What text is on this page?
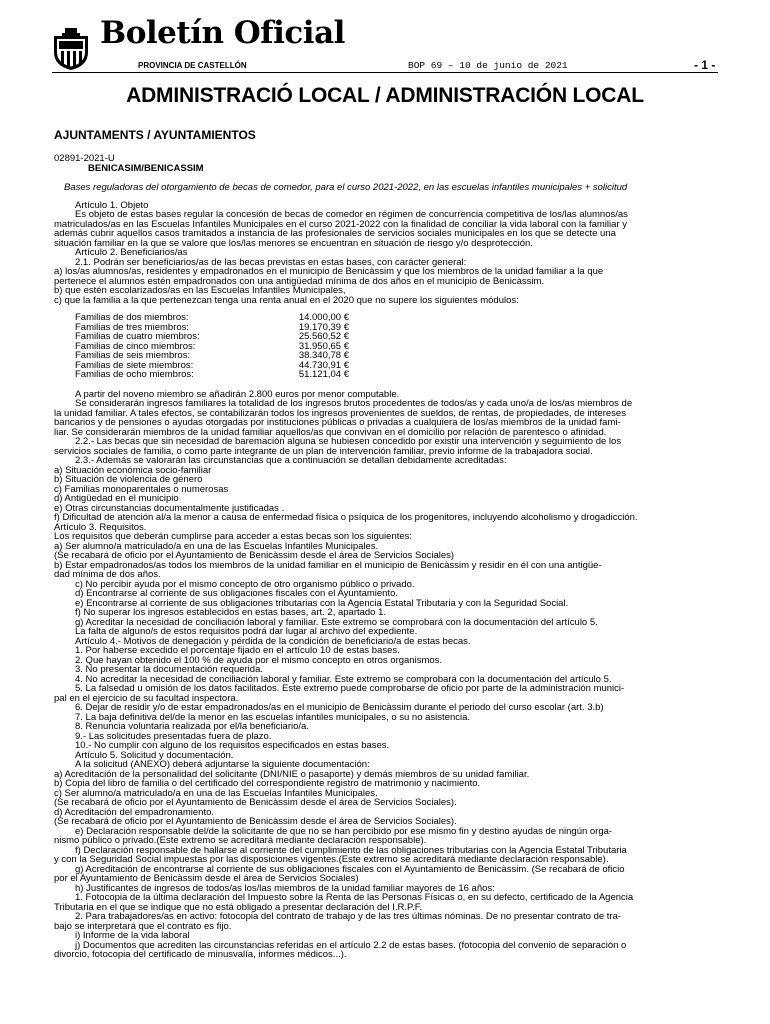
Boletín Oficial
PROVINCIA DE CASTELLÓN	BOP 69 – 10 de junio de 2021	- 1 -
ADMINISTRACIÓ LOCAL / ADMINISTRACIÓN LOCAL
AJUNTAMENTS / AYUNTAMIENTOS
02891-2021-U
BENICASIM/BENICÀSSIM
Bases reguladoras del otorgamiento de becas de comedor, para el curso 2021-2022, en las escuelas infantiles municipales + solicitud
Artículo 1. Objeto
Es objeto de estas bases regular la concesión de becas de comedor en régimen de concurrencia competitiva de los/las alumnos/as
matriculados/as en las Escuelas Infantiles Municipales en el curso 2021-2022 con la finalidad de conciliar la vida laboral con la familiar y
además cubrir aquellos casos tramitados a instancia de las profesionales de servicios sociales municipales en los que se detecte una
situación familiar en la que se valore que los/las menores se encuentran en situación de riesgo y/o desprotección.
Artículo 2. Beneficiarios/as
2.1. Podrán ser beneficiarios/as de las becas previstas en estas bases, con carácter general:
a) los/as alumnos/as, residentes y empadronados en el municipio de Benicàssim y que los miembros de la unidad familiar a la que
pertenece el alumnos estén empadronados con una antigüedad mínima de dos años en el municipio de Benicàssim.
b) que estén escolarizados/as en las Escuelas Infantiles Municipales,
c) que la familia a la que pertenezcan tenga una renta anual en el 2020 que no supere los siguientes módulos:
Familias de dos miembros:	14.000,00 €
Familias de tres miembros:	19.170,39 €
Familias de cuatro miembros:	25.560,52 €
Familias de cinco miembros:	31.950,65 €
Familias de seis miembros:	38.340,78 €
Familias de siete miembros:	44.730,91 €
Familias de ocho miembros:	51.121,04 €
A partir del noveno miembro se añadirán 2.800 euros por menor computable.
Se considerarán ingresos familiares la totalidad de los ingresos brutos procedentes de todos/as y cada uno/a de los/as miembros de
la unidad familiar. A tales efectos, se contabilizarán todos los ingresos provenientes de sueldos, de rentas, de propiedades, de intereses
bancarios y de pensiones o ayudas otorgadas por instituciones públicas o privadas a cualquiera de los/as miembros de la unidad fami-
liar. Se considerarán miembros de la unidad familiar aquellos/as que convivan en el domicilio por relación de parentesco o afinidad.
2.2.- Las becas que sin necesidad de baremación alguna se hubiesen concedido por existir una intervención y seguimiento de los
servicios sociales de familia, o como parte integrante de un plan de intervención familiar, previo informe de la trabajadora social.
2.3.- Además se valorarán las circunstancias que a continuación se detallan debidamente acreditadas:
a) Situación económica socio-familiar
b) Situación de violencia de género
c) Familias monoparentales o numerosas
d) Antigüedad en el municipio
e) Otras circunstancias documentalmente justificadas .
f) Dificultad de atención al/a la menor a causa de enfermedad física o psíquica de los progenitores, incluyendo alcoholismo y drogadicción.
Artículo 3. Requisitos.
Los requisitos que deberán cumplirse para acceder a estas becas son los siguientes:
a) Ser alumno/a matriculado/a en una de las Escuelas Infantiles Municipales.
(Se recabará de oficio por el Ayuntamiento de Benicàssim desde el área de Servicios Sociales)
b) Estar empadronados/as todos los miembros de la unidad familiar en el municipio de Benicàssim y residir en él con una antigüe-
dad mínima de dos años.
c) No percibir ayuda por el mismo concepto de otro organismo público o privado.
d) Encontrarse al corriente de sus obligaciones fiscales con el Ayuntamiento.
e) Encontrarse al corriente de sus obligaciones tributarias con la Agencia Estatal Tributaria y con la Seguridad Social.
f) No superar los ingresos establecidos en estas bases, art. 2, apartado 1.
g) Acreditar la necesidad de conciliación laboral y familiar. Este extremo se comprobará con la documentación del artículo 5.
La falta de alguno/s de estos requisitos podrá dar lugar al archivo del expediente.
Artículo 4.- Motivos de denegación y pérdida de la condición de beneficiario/a de estas becas.
1. Por haberse excedido el porcentaje fijado en el artículo 10 de estas bases.
2. Que hayan obtenido el 100 % de ayuda por el mismo concepto en otros organismos.
3. No presentar la documentación requerida.
4. No acreditar la necesidad de conciliación laboral y familiar. Este extremo se comprobará con la documentación del artículo 5.
5. La falsedad u omisión de los datos facilitados. Este extremo puede comprobarse de oficio por parte de la administración munici-
pal en el ejercicio de su facultad inspectora.
6. Dejar de residir y/o de estar empadronados/as en el municipio de Benicàssim durante el periodo del curso escolar (art. 3.b)
7. La baja definitiva del/de la menor en las escuelas infantiles municipales, o su no asistencia.
8. Renuncia voluntaria realizada por el/la beneficiario/a.
9.- Las solicitudes presentadas fuera de plazo.
10.- No cumplir con alguno de los requisitos especificados en estas bases.
Artículo 5. Solicitud y documentación.
A la solicitud (ANEXO) deberá adjuntarse la siguiente documentación:
a) Acreditación de la personalidad del solicitante (DNI/NIE o pasaporte) y demás miembros de su unidad familiar.
b) Copia del libro de familia o del certificado del correspondiente registro de matrimonio y nacimiento.
c) Ser alumno/a matriculado/a en una de las Escuelas Infantiles Municipales.
(Se recabará de oficio por el Ayuntamiento de Benicàssim desde el área de Servicios Sociales).
d) Acreditación del empadronamiento.
(Se recabará de oficio por el Ayuntamiento de Benicàssim desde el área de Servicios Sociales).
e) Declaración responsable del/de la solicitante de que no se han percibido por ese mismo fin y destino ayudas de ningún orga-
nismo público o privado.(Este extremo se acreditará mediante declaración responsable).
f) Declaración responsable de hallarse al corriente del cumplimiento de las obligaciones tributarias con la Agencia Estatal Tributaria
y con la Seguridad Social impuestas por las disposiciones vigentes.(Este extremo se acreditará mediante declaración responsable).
g) Acreditación de encontrarse al corriente de sus obligaciones fiscales con el Ayuntamiento de Benicàssim. (Se recabará de oficio
por el Ayuntamiento de Benicàssim desde el área de Servicios Sociales)
h) Justificantes de ingresos de todos/as los/las miembros de la unidad familiar mayores de 16 años:
1. Fotocopia de la última declaración del Impuesto sobre la Renta de las Personas Físicas o, en su defecto, certificado de la Agencia
Tributaria en el que se indique que no está obligado a presentar declaración del I.R.P.F.
2. Para trabajadores/as en activo: fotocopia del contrato de trabajo y de las tres últimas nóminas. De no presentar contrato de tra-
bajo se interpretará que el contrato es fijo.
i) Informe de la vida laboral
j) Documentos que acrediten las circunstancias referidas en el artículo 2.2 de estas bases. (fotocopia del convenio de separación o
divorcio, fotocopia del certificado de minusvalía, informes médicos...).
